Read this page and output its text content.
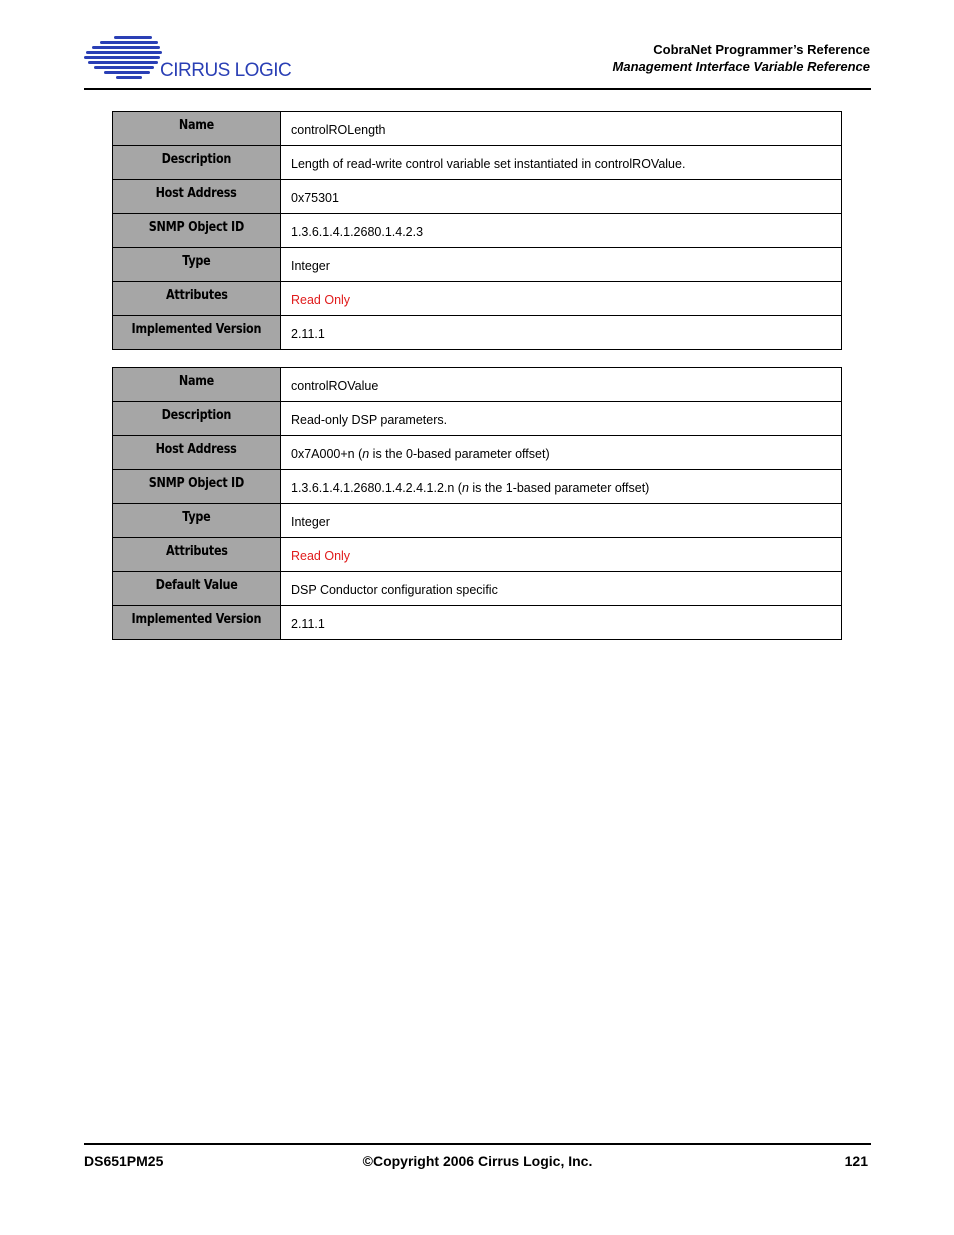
CIRRUS LOGIC
CobraNet Programmer’s Reference
Management Interface Variable Reference
Name	controlROLength
Description	Length of read-write control variable set instantiated in controlROValue.
Host Address	0x75301
SNMP Object ID	1.3.6.1.4.1.2680.1.4.2.3
Type	Integer
Attributes	Read Only
Implemented Version	2.11.1
Name	controlROValue
Description	Read-only DSP parameters.
Host Address	0x7A000+n (n is the 0-based parameter offset)
SNMP Object ID	1.3.6.1.4.1.2680.1.4.2.4.1.2.n (n is the 1-based parameter offset)
Type	Integer
Attributes	Read Only
Default Value	DSP Conductor configuration specific
Implemented Version	2.11.1
DS651PM25	©Copyright 2006 Cirrus Logic, Inc.	121
